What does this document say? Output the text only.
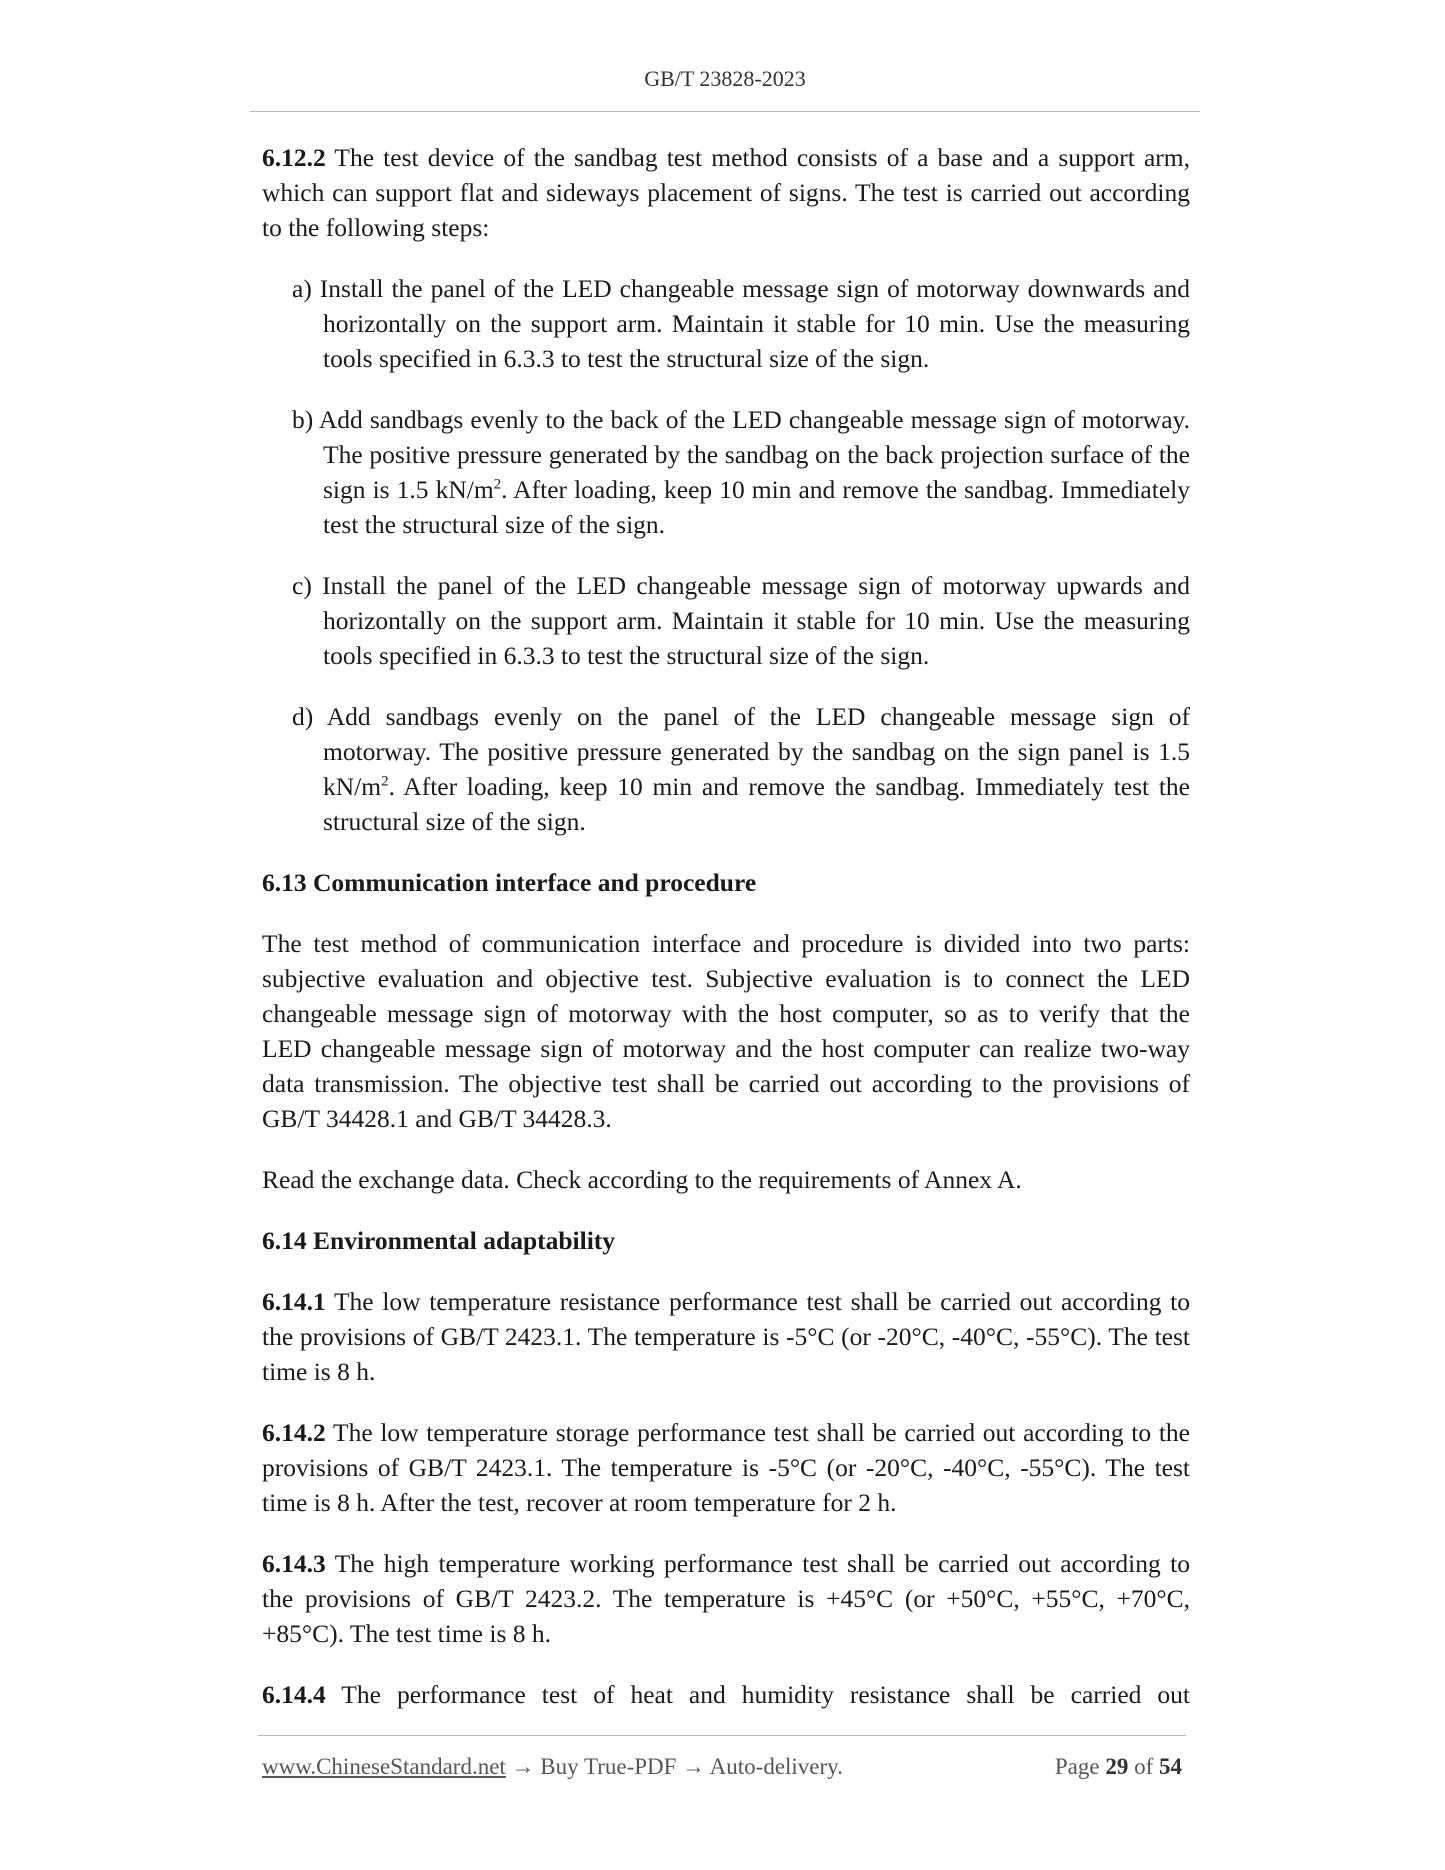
GB/T 23828-2023

6.12.2 The test device of the sandbag test method consists of a base and a support arm, which can support flat and sideways placement of signs. The test is carried out according to the following steps:

a) Install the panel of the LED changeable message sign of motorway downwards and horizontally on the support arm. Maintain it stable for 10 min. Use the measuring tools specified in 6.3.3 to test the structural size of the sign.

b) Add sandbags evenly to the back of the LED changeable message sign of motorway. The positive pressure generated by the sandbag on the back projection surface of the sign is 1.5 $kN/m^2$. After loading, keep 10 min and remove the sandbag. Immediately test the structural size of the sign.

c) Install the panel of the LED changeable message sign of motorway upwards and horizontally on the support arm. Maintain it stable for 10 min. Use the measuring tools specified in 6.3.3 to test the structural size of the sign.

d) Add sandbags evenly on the panel of the LED changeable message sign of motorway. The positive pressure generated by the sandbag on the sign panel is 1.5 $kN/m^2$. After loading, keep 10 min and remove the sandbag. Immediately test the structural size of the sign.

6.13 Communication interface and procedure

The test method of communication interface and procedure is divided into two parts: subjective evaluation and objective test. Subjective evaluation is to connect the LED changeable message sign of motorway with the host computer, so as to verify that the LED changeable message sign of motorway and the host computer can realize two-way data transmission. The objective test shall be carried out according to the provisions of GB/T 34428.1 and GB/T 34428.3.

Read the exchange data. Check according to the requirements of Annex A.

6.14 Environmental adaptability

6.14.1 The low temperature resistance performance test shall be carried out according to the provisions of GB/T 2423.1. The temperature is -5°C (or -20°C, -40°C, -55°C). The test time is 8 h.

6.14.2 The low temperature storage performance test shall be carried out according to the provisions of GB/T 2423.1. The temperature is -5°C (or -20°C, -40°C, -55°C). The test time is 8 h. After the test, recover at room temperature for 2 h.

6.14.3 The high temperature working performance test shall be carried out according to the provisions of GB/T 2423.2. The temperature is +45°C (or +50°C, +55°C, +70°C, +85°C). The test time is 8 h.

6.14.4 The performance test of heat and humidity resistance shall be carried out

www.ChineseStandard.net → Buy True-PDF → Auto-delivery.	Page 29 of 54
